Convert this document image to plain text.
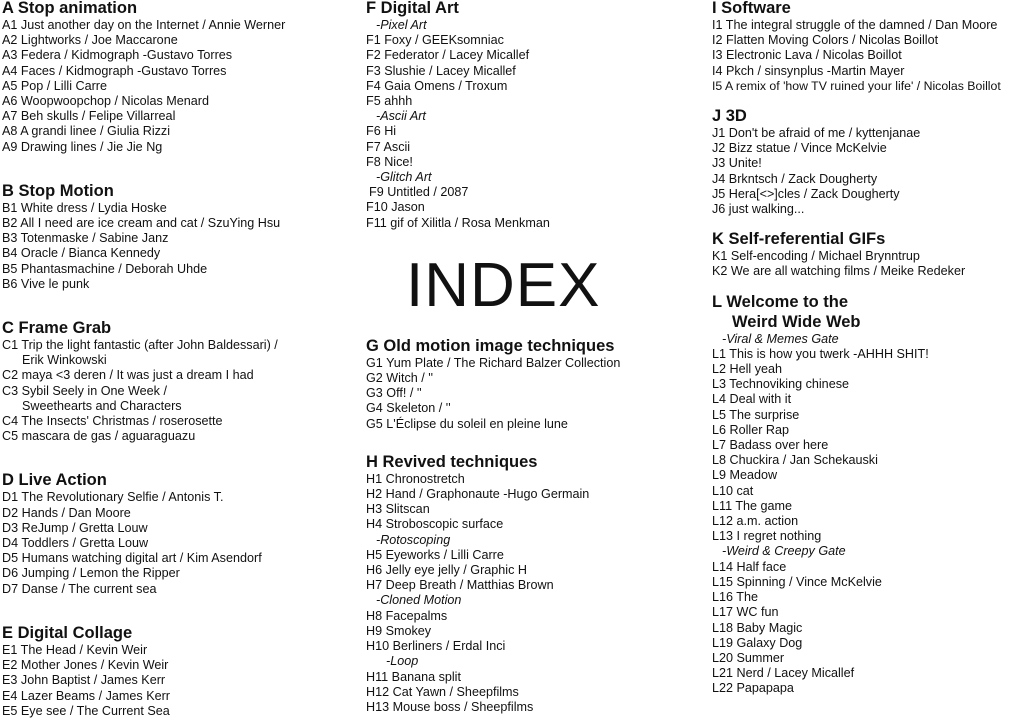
A Stop animation
A1 Just another day on the Internet / Annie Werner
A2 Lightworks / Joe Maccarone
A3 Federa / Kidmograph -Gustavo Torres
A4 Faces / Kidmograph -Gustavo Torres
A5 Pop / Lilli Carre
A6 Woopwoopchop / Nicolas Menard
A7 Beh skulls / Felipe Villarreal
A8 A grandi linee / Giulia Rizzi
A9 Drawing lines / Jie Jie Ng
B Stop Motion
B1 White dress / Lydia Hoske
B2 All I need are ice cream and cat / SzuYing Hsu
B3 Totenmaske / Sabine Janz
B4 Oracle / Bianca Kennedy
B5 Phantasmachine / Deborah Uhde
B6 Vive le punk
C Frame Grab
C1 Trip the light fantastic (after John Baldessari) /
Erik Winkowski
C2 maya <3 deren / It was just a dream I had
C3 Sybil Seely in One Week /
Sweethearts and Characters
C4 The Insects' Christmas / roserosette
C5 mascara de gas / aguaraguazu
D Live Action
D1 The Revolutionary Selfie / Antonis T.
D2 Hands / Dan Moore
D3 ReJump / Gretta Louw
D4 Toddlers / Gretta Louw
D5 Humans watching digital art / Kim Asendorf
D6 Jumping / Lemon the Ripper
D7 Danse / The current sea
E Digital Collage
E1 The Head / Kevin Weir
E2 Mother Jones / Kevin Weir
E3 John Baptist / James Kerr
E4 Lazer Beams / James Kerr
E5 Eye see / The Current Sea
F Digital Art
-Pixel Art
F1 Foxy / GEEKsomniac
F2 Federator / Lacey Micallef
F3 Slushie / Lacey Micallef
F4 Gaia Omens / Troxum
F5 ahhh
-Ascii Art
F6 Hi
F7 Ascii
F8 Nice!
-Glitch Art
F9 Untitled / 2087
F10 Jason
F11 gif of Xilitla / Rosa Menkman
G Old motion image techniques
G1 Yum Plate / The Richard Balzer Collection
G2 Witch / ''
G3 Off! / ''
G4 Skeleton / ''
G5 L'Éclipse du soleil en pleine lune
H Revived techniques
H1 Chronostretch
H2 Hand / Graphonaute -Hugo Germain
H3 Slitscan
H4 Stroboscopic surface
-Rotoscoping
H5 Eyeworks / Lilli Carre
H6 Jelly eye jelly / Graphic H
H7 Deep Breath / Matthias Brown
-Cloned Motion
H8 Facepalms
H9 Smokey
H10 Berliners / Erdal Inci
-Loop
H11 Banana split
H12 Cat Yawn / Sheepfilms
H13 Mouse boss / Sheepfilms
INDEX
I Software
I1 The integral struggle of the damned / Dan Moore
I2 Flatten Moving Colors / Nicolas Boillot
I3 Electronic Lava / Nicolas Boillot
I4 Pkch / sinsynplus -Martin Mayer
I5 A remix of 'how TV ruined your life' / Nicolas Boillot
J 3D
J1 Don't be afraid of me / kyttenjanae
J2 Bizz statue / Vince McKelvie
J3 Unite!
J4 Brkntsch / Zack Dougherty
J5 Hera[<>]cles / Zack Dougherty
J6 just walking...
K Self-referential GIFs
K1 Self-encoding / Michael Brynntrup
K2 We are all watching films / Meike Redeker
L Welcome to the
Weird Wide Web
-Viral & Memes Gate
L1 This is how you twerk -AHHH SHIT!
L2 Hell yeah
L3 Technoviking chinese
L4 Deal with it
L5 The surprise
L6 Roller Rap
L7 Badass over here
L8 Chuckira / Jan Schekauski
L9 Meadow
L10 cat
L11 The game
L12 a.m. action
L13 I regret nothing
-Weird & Creepy Gate
L14 Half face
L15 Spinning / Vince McKelvie
L16 The
L17 WC fun
L18 Baby Magic
L19 Galaxy Dog
L20 Summer
L21 Nerd / Lacey Micallef
L22 Papapapa
